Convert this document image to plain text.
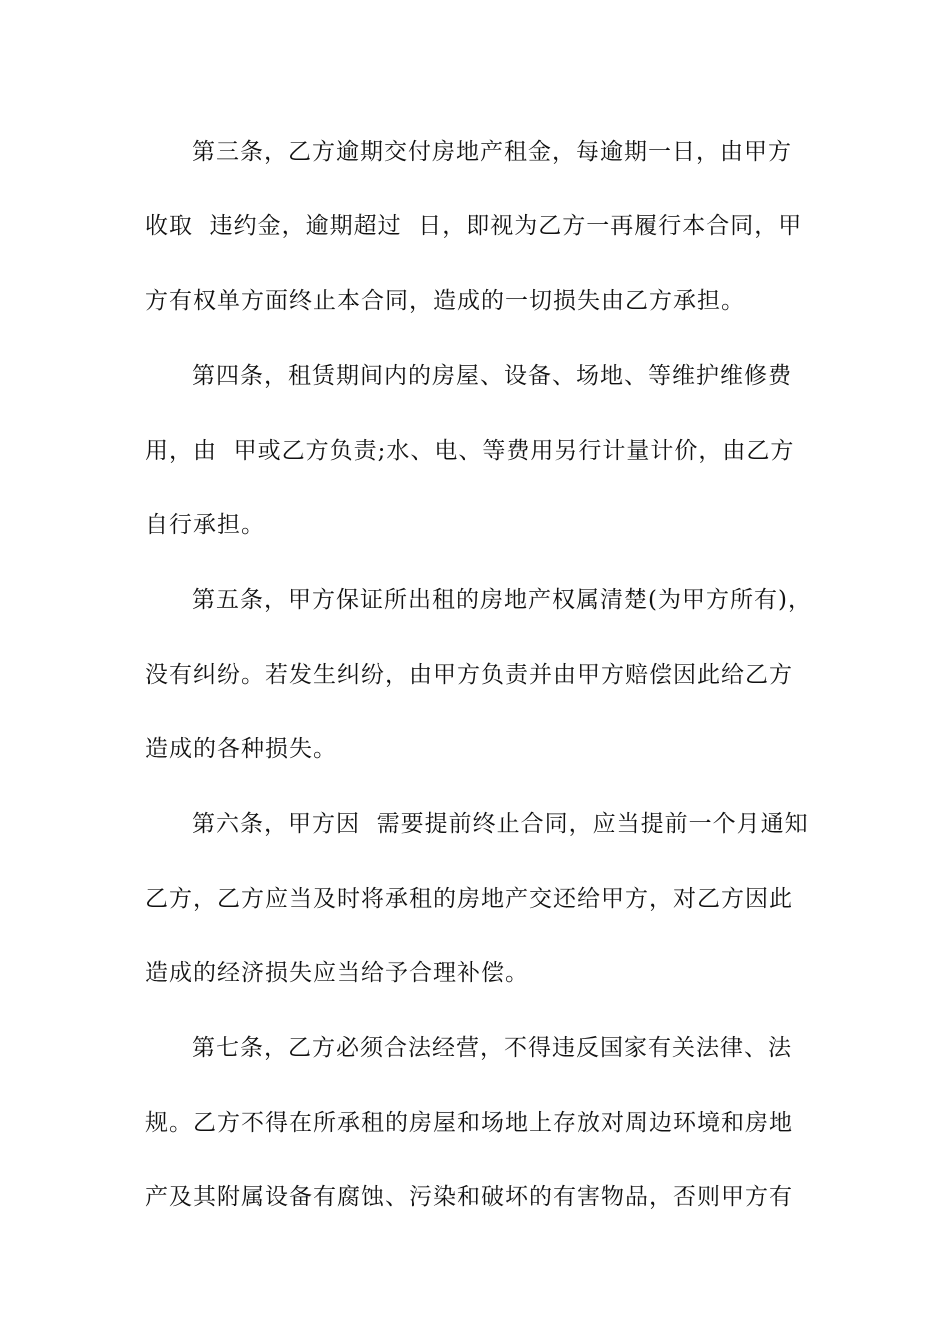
第三条，乙方逾期交付房地产租金，每逾期一日，由甲方
收取  违约金，逾期超过  日，即视为乙方一再履行本合同，甲
方有权单方面终止本合同，造成的一切损失由乙方承担。
第四条，租赁期间内的房屋、设备、场地、等维护维修费
用，由  甲或乙方负责;水、电、等费用另行计量计价，由乙方
自行承担。
第五条，甲方保证所出租的房地产权属清楚(为甲方所有)，
没有纠纷。若发生纠纷，由甲方负责并由甲方赔偿因此给乙方
造成的各种损失。
第六条，甲方因  需要提前终止合同，应当提前一个月通知
乙方，乙方应当及时将承租的房地产交还给甲方，对乙方因此
造成的经济损失应当给予合理补偿。
第七条，乙方必须合法经营，不得违反国家有关法律、法
规。乙方不得在所承租的房屋和场地上存放对周边环境和房地
产及其附属设备有腐蚀、污染和破坏的有害物品，否则甲方有
